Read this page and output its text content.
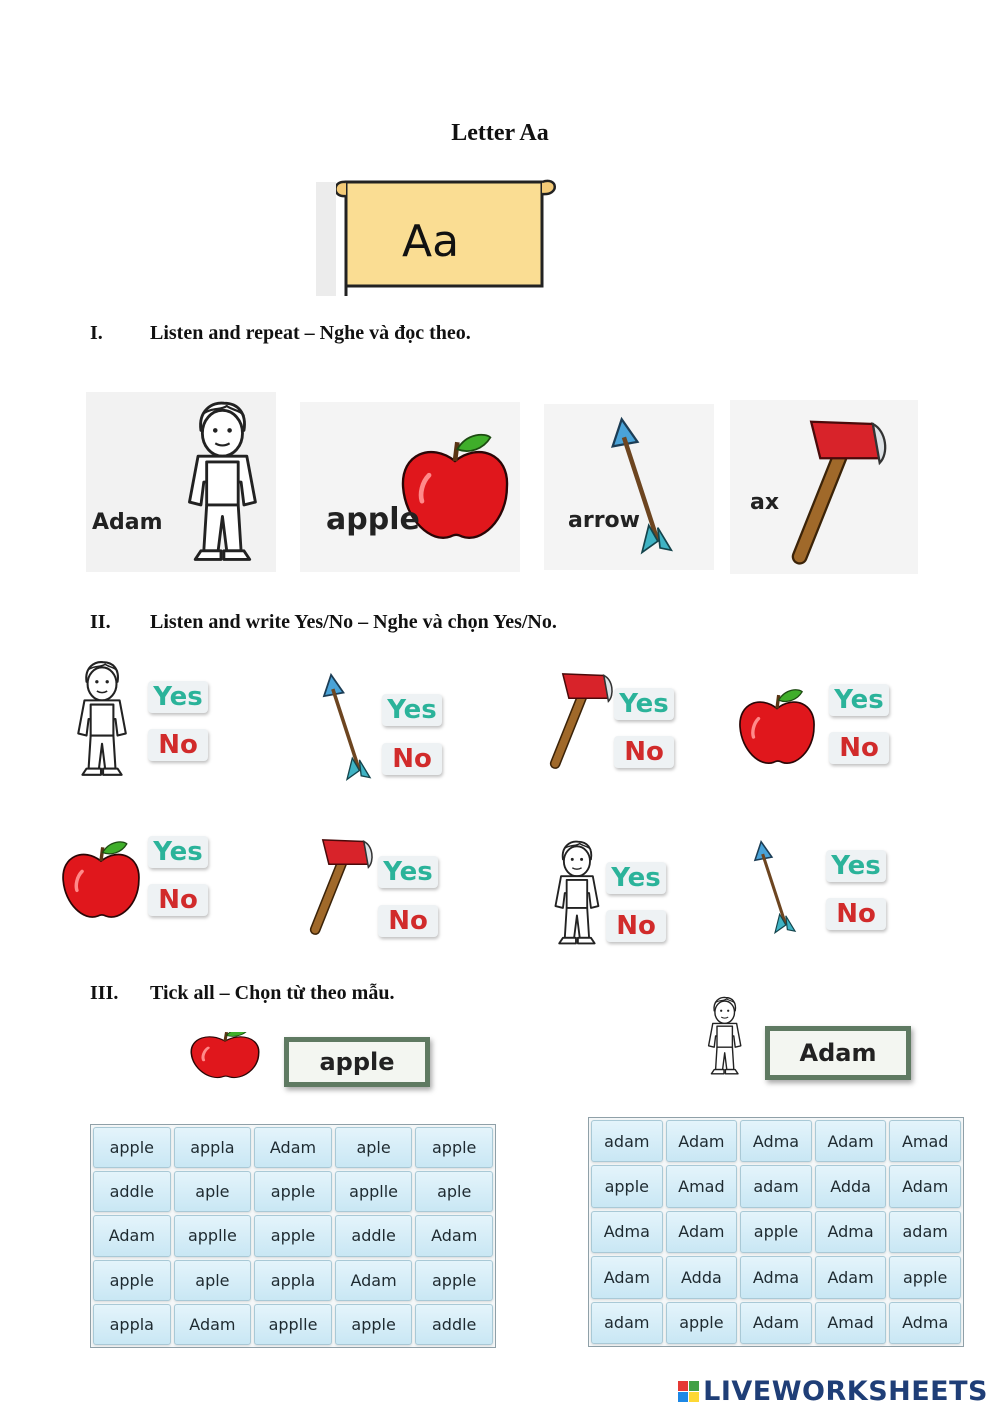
Letter Aa
Aa
I. Listen and repeat – Nghe và đọc theo.
Adam	apple	arrow
ax
II. Listen and write Yes/No – Nghe và chọn Yes/No.
Yes
No
Yes
No
Yes
No
Yes
No
Yes
No
Yes
No
Yes
No
Yes
No
III. Tick all – Chọn từ theo mẫu.
apple	Adam
apple	appla	Adam	aple	apple
addle	aple	apple	applle	aple
Adam	applle	apple	addle	Adam
apple	aple	appla	Adam	apple
appla	Adam	applle	apple	addle
adam	Adam	Adma	Adam	Amad
apple	Amad	adam	Adda	Adam
Adma	Adam	apple	Adma	adam
Adam	Adda	Adma	Adam	apple
adam	apple	Adam	Amad	Adma
LIVEWORKSHEETS
